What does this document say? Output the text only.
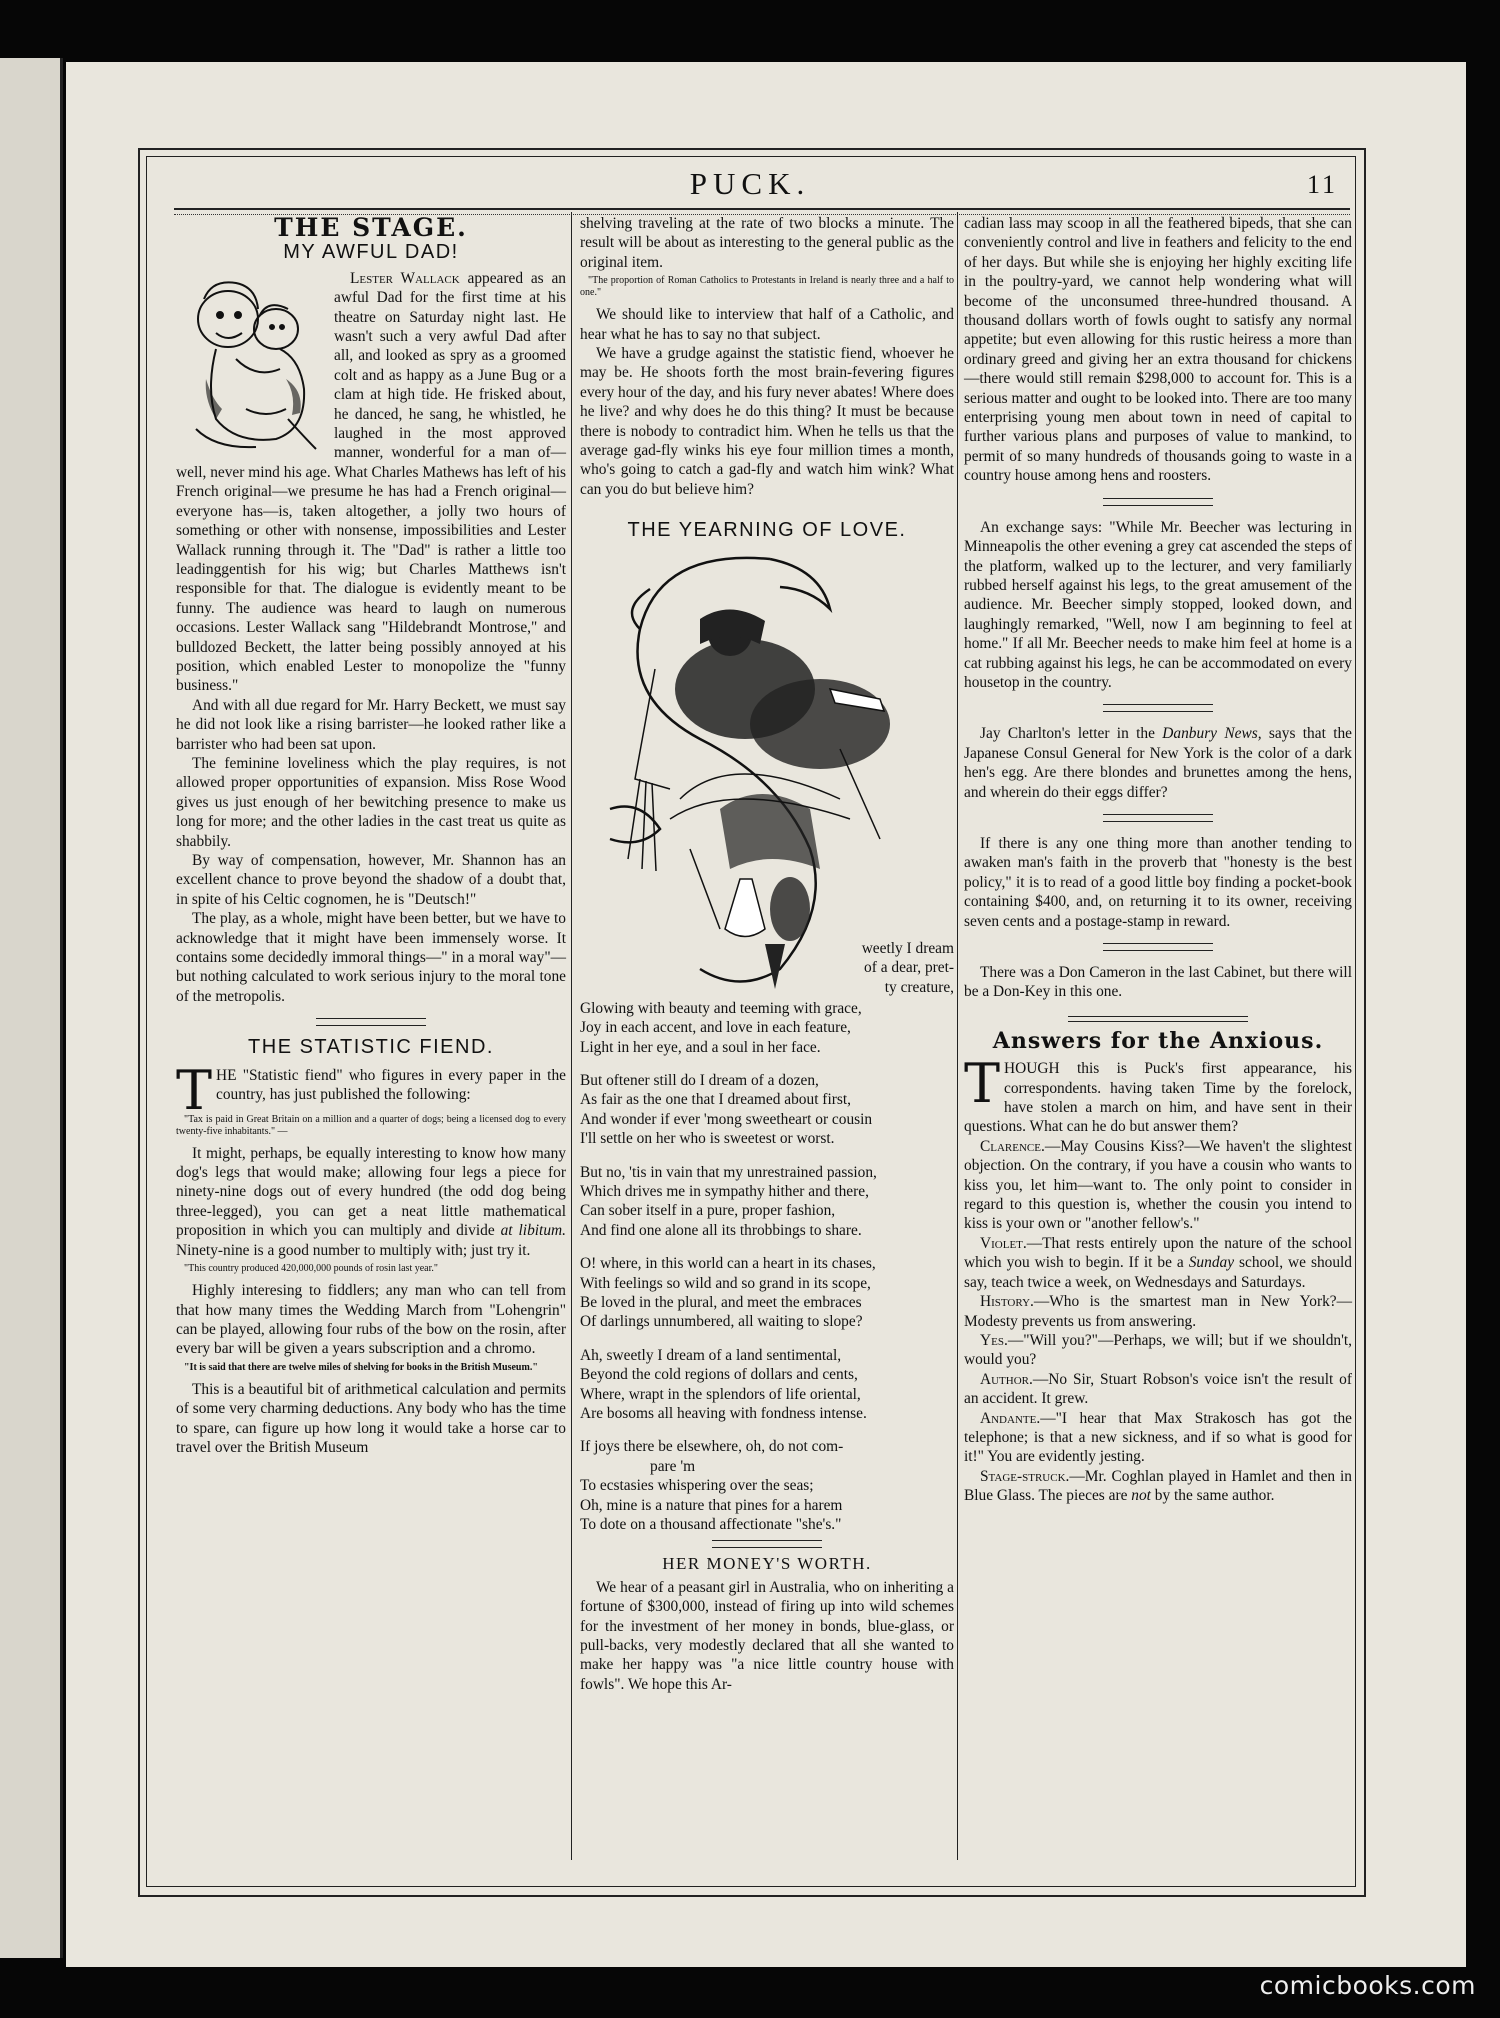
PUCK.	11
THE STAGE.
MY AWFUL DAD!

Lester Wallack appeared as an awful Dad for the first time at his theatre on Saturday night last. He wasn't such a very awful Dad after all, and looked as spry as a groomed colt and as happy as a June Bug or a clam at high tide. He frisked about, he danced, he sang, he whistled, he laughed in the most approved manner, wonderful for a man of—well, never mind his age. What Charles Mathews has left of his French original—we presume he has had a French original—everyone has—is, taken altogether, a jolly two hours of something or other with nonsense, impossibilities and Lester Wallack running through it. The "Dad" is rather a little too leadinggentish for his wig; but Charles Matthews isn't responsible for that. The dialogue is evidently meant to be funny. The audience was heard to laugh on numerous occasions. Lester Wallack sang "Hildebrandt Montrose," and bulldozed Beckett, the latter being possibly annoyed at his position, which enabled Lester to monopolize the "funny business."

And with all due regard for Mr. Harry Beckett, we must say he did not look like a rising barrister—he looked rather like a barrister who had been sat upon.

The feminine loveliness which the play requires, is not allowed proper opportunities of expansion. Miss Rose Wood gives us just enough of her bewitching presence to make us long for more; and the other ladies in the cast treat us quite as shabbily.

By way of compensation, however, Mr. Shannon has an excellent chance to prove beyond the shadow of a doubt that, in spite of his Celtic cognomen, he is "Deutsch!"

The play, as a whole, might have been better, but we have to acknowledge that it might have been immensely worse. It contains some decidedly immoral things—" in a moral way"—but nothing calculated to work serious injury to the moral tone of the metropolis.

THE STATISTIC FIEND.

THE "Statistic fiend" who figures in every paper in the country, has just published the following:

"Tax is paid in Great Britain on a million and a quarter of dogs; being a licensed dog to every twenty-five inhabitants." —

It might, perhaps, be equally interesting to know how many dog's legs that would make; allowing four legs a piece for ninety-nine dogs out of every hundred (the odd dog being three-legged), you can get a neat little mathematical proposition in which you can multiply and divide at libitum. Ninety-nine is a good number to multiply with; just try it.

"This country produced 420,000,000 pounds of rosin last year."

Highly interesing to fiddlers; any man who can tell from that how many times the Wedding March from "Lohengrin" can be played, allowing four rubs of the bow on the rosin, after every bar will be given a years subscription and a chromo.

"It is said that there are twelve miles of shelving for books in the British Museum."

This is a beautiful bit of arithmetical calculation and permits of some very charming deductions. Any body who has the time to spare, can figure up how long it would take a horse car to travel over the British Museum

shelving traveling at the rate of two blocks a minute. The result will be about as interesting to the general public as the original item.

"The proportion of Roman Catholics to Protestants in Ireland is nearly three and a half to one."

We should like to interview that half of a Catholic, and hear what he has to say no that subject.

We have a grudge against the statistic fiend, whoever he may be. He shoots forth the most brain-fevering figures every hour of the day, and his fury never abates! Where does he live? and why does he do this thing? It must be because there is nobody to contradict him. When he tells us that the average gad-fly winks his eye four million times a month, who's going to catch a gad-fly and watch him wink? What can you do but believe him?

THE YEARNING OF LOVE.
weetly I dream
of a dear, pret-
ty creature,

Glowing with beauty and teeming with grace,

Joy in each accent, and love in each feature,

Light in her eye, and a soul in her face.

But oftener still do I dream of a dozen,

As fair as the one that I dreamed about first,

And wonder if ever 'mong sweetheart or cousin

I'll settle on her who is sweetest or worst.

But no, 'tis in vain that my unrestrained passion,

Which drives me in sympathy hither and there,

Can sober itself in a pure, proper fashion,

And find one alone all its throbbings to share.

O! where, in this world can a heart in its chases,

With feelings so wild and so grand in its scope,

Be loved in the plural, and meet the embraces

Of darlings unnumbered, all waiting to slope?

Ah, sweetly I dream of a land sentimental,

Beyond the cold regions of dollars and cents,

Where, wrapt in the splendors of life oriental,

Are bosoms all heaving with fondness intense.

If joys there be elsewhere, oh, do not com-

pare 'm

To ecstasies whispering over the seas;

Oh, mine is a nature that pines for a harem

To dote on a thousand affectionate "she's."

HER MONEY'S WORTH.

We hear of a peasant girl in Australia, who on inheriting a fortune of $300,000, instead of firing up into wild schemes for the investment of her money in bonds, blue-glass, or pull-backs, very modestly declared that all she wanted to make her happy was "a nice little country house with fowls". We hope this Ar-

cadian lass may scoop in all the feathered bipeds, that she can conveniently control and live in feathers and felicity to the end of her days. But while she is enjoying her highly exciting life in the poultry-yard, we cannot help wondering what will become of the unconsumed three-hundred thousand. A thousand dollars worth of fowls ought to satisfy any normal appetite; but even allowing for this rustic heiress a more than ordinary greed and giving her an extra thousand for chickens—there would still remain $298,000 to account for. This is a serious matter and ought to be looked into. There are too many enterprising young men about town in need of capital to further various plans and purposes of value to mankind, to permit of so many hundreds of thousands going to waste in a country house among hens and roosters.

An exchange says: "While Mr. Beecher was lecturing in Minneapolis the other evening a grey cat ascended the steps of the platform, walked up to the lecturer, and very familiarly rubbed herself against his legs, to the great amusement of the audience. Mr. Beecher simply stopped, looked down, and laughingly remarked, "Well, now I am beginning to feel at home." If all Mr. Beecher needs to make him feel at home is a cat rubbing against his legs, he can be accommodated on every housetop in the country.

Jay Charlton's letter in the Danbury News, says that the Japanese Consul General for New York is the color of a dark hen's egg. Are there blondes and brunettes among the hens, and wherein do their eggs differ?

If there is any one thing more than another tending to awaken man's faith in the proverb that "honesty is the best policy," it is to read of a good little boy finding a pocket-book containing $400, and, on returning it to its owner, receiving seven cents and a postage-stamp in reward.

There was a Don Cameron in the last Cabinet, but there will be a Don-Key in this one.

Answers for the Anxious.

THOUGH this is Puck's first appearance, his correspondents. having taken Time by the forelock, have stolen a march on him, and have sent in their questions. What can he do but answer them?

Clarence.—May Cousins Kiss?—We haven't the slightest objection. On the contrary, if you have a cousin who wants to kiss you, let him—want to. The only point to consider in regard to this question is, whether the cousin you intend to kiss is your own or "another fellow's."

Violet.—That rests entirely upon the nature of the school which you wish to begin. If it be a Sunday school, we should say, teach twice a week, on Wednesdays and Saturdays.

History.—Who is the smartest man in New York?—Modesty prevents us from answering.

Yes.—"Will you?"—Perhaps, we will; but if we shouldn't, would you?

Author.—No Sir, Stuart Robson's voice isn't the result of an accident. It grew.

Andante.—"I hear that Max Strakosch has got the telephone; is that a new sickness, and if so what is good for it!" You are evidently jesting.

Stage-struck.—Mr. Coghlan played in Hamlet and then in Blue Glass. The pieces are not by the same author.

comicbooks.com
